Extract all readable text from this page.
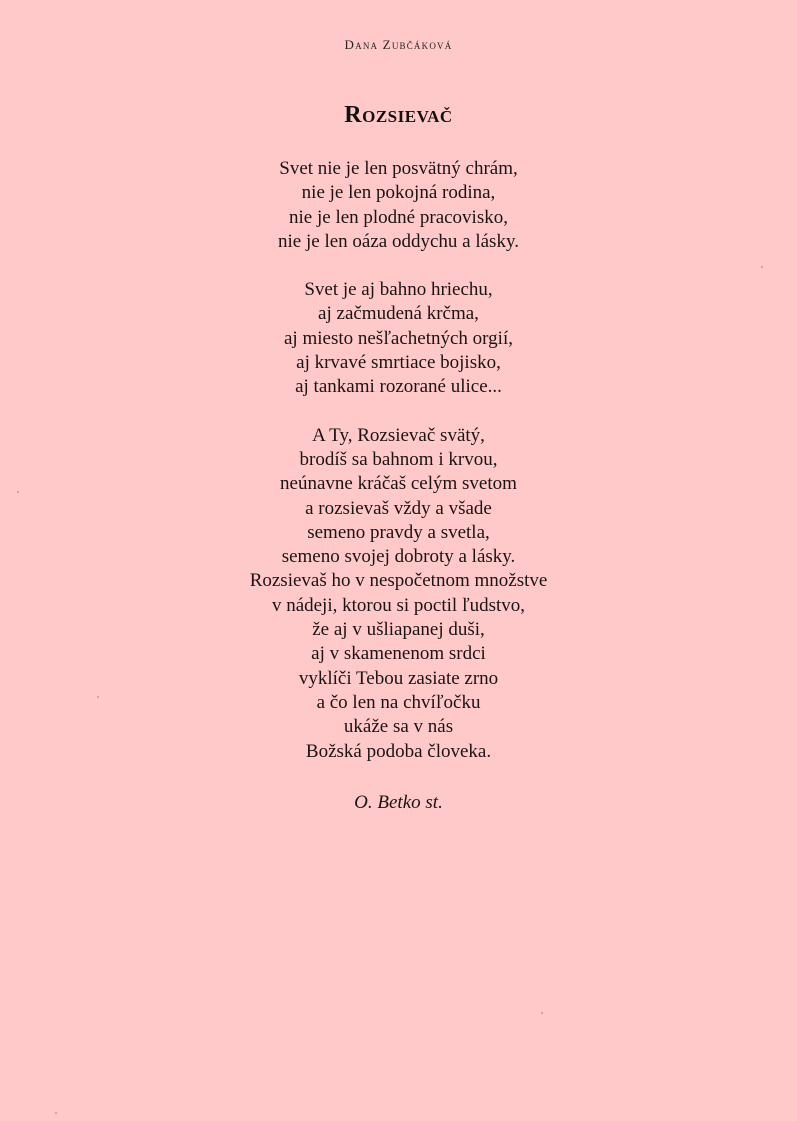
Dana Zubčáková
Rozsievač
Svet nie je len posvätný chrám,
nie je len pokojná rodina,
nie je len plodné pracovisko,
nie je len oáza oddychu a lásky.
Svet je aj bahno hriechu,
aj začmudená krčma,
aj miesto nešľachetných orgií,
aj krvavé smrtiace bojisko,
aj tankami rozorané ulice...
A Ty, Rozsievač svätý,
brodíš sa bahnom i krvou,
neúnavne kráčaš celým svetom
a rozsievaš vždy a všade
semeno pravdy a svetla,
semeno svojej dobroty a lásky.
Rozsievaš ho v nespočetnom množstve
v nádeji, ktorou si poctil ľudstvo,
že aj v ušliapanej duši,
aj v skamenenom srdci
vyklíči Tebou zasiate zrno
a čo len na chvíľočku
ukáže sa v nás
Božská podoba človeka.
O. Betko st.
